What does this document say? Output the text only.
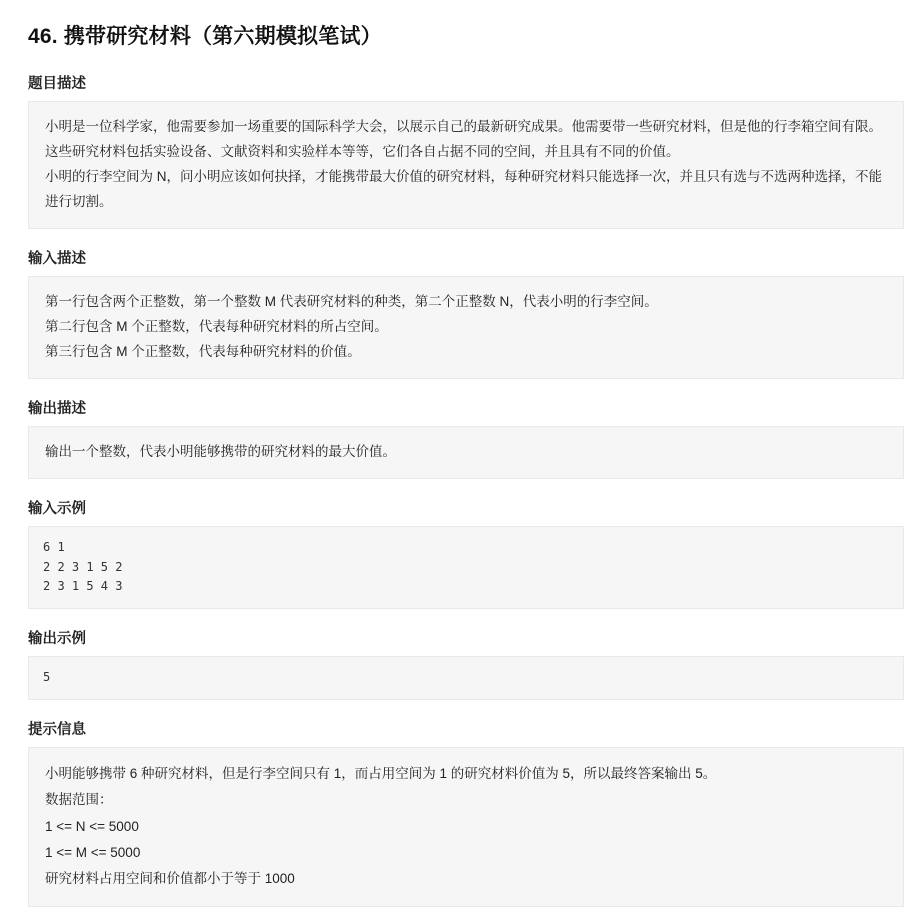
46. 携带研究材料（第六期模拟笔试）
题目描述

小明是一位科学家，他需要参加一场重要的国际科学大会，以展示自己的最新研究成果。他需要带一些研究材料，但是他的行李箱空间有限。这些研究材料包括实验设备、文献资料和实验样本等等，它们各自占据不同的空间，并且具有不同的价值。

小明的行李空间为 N，问小明应该如何抉择，才能携带最大价值的研究材料，每种研究材料只能选择一次，并且只有选与不选两种选择，不能进行切割。

输入描述

第一行包含两个正整数，第一个整数 M 代表研究材料的种类，第二个正整数 N，代表小明的行李空间。

第二行包含 M 个正整数，代表每种研究材料的所占空间。

第三行包含 M 个正整数，代表每种研究材料的价值。

输出描述

输出一个整数，代表小明能够携带的研究材料的最大价值。

输入示例

6 1

2 2 3 1 5 2

2 3 1 5 4 3

输出示例

5

提示信息

小明能够携带 6 种研究材料，但是行李空间只有 1，而占用空间为 1 的研究材料价值为 5，所以最终答案输出 5。

数据范围：

1 <= N <= 5000

1 <= M <= 5000

研究材料占用空间和价值都小于等于 1000
